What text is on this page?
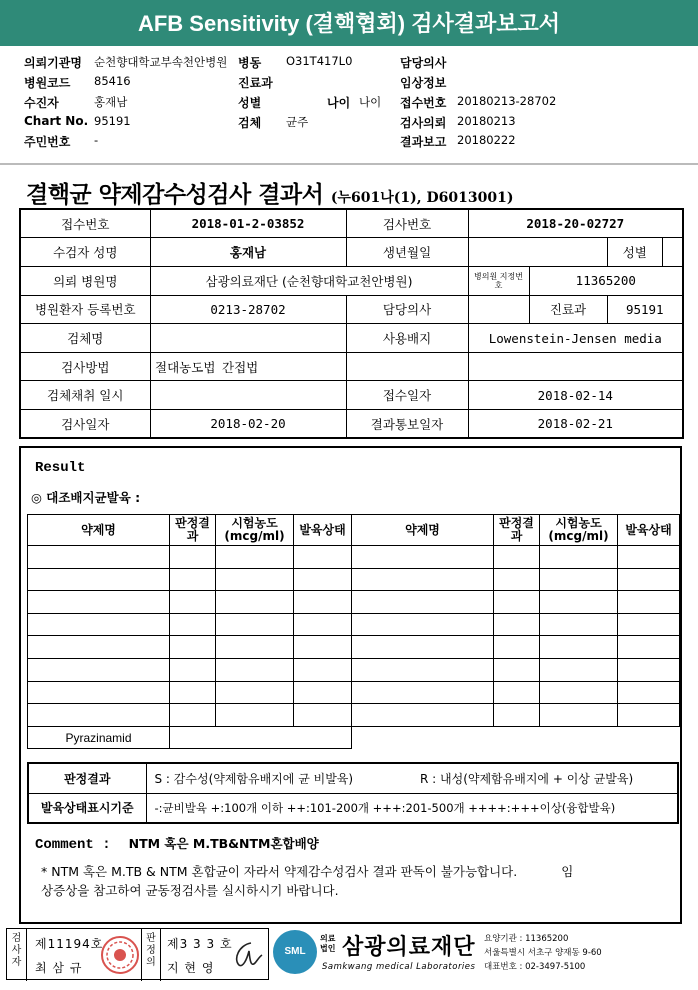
AFB Sensitivity (결핵협회) 검사결과보고서
의뢰기관명 순천향대학교부속천안병원 병동 O31T417L0	담당의사
병원코드 85416	진료과	임상정보
수진자	홍재남	성별	나이 나이 접수번호 20180213-28702
Chart No. 95191	검체 균주	검사의뢰 20180213
주민번호 -	결과보고 20180222
결핵균 약제감수성검사 결과서 (누601나(1), D6013001)
접수번호	2018-01-2-03852		검사번호	2018-20-02727		
수검자 성명	홍재남		생년월일			성별

의뢰 병원명	삼광의료재단 (순천향대학교천안병원)			병의원 지정번호	11365200	
병원환자 등록번호	0213-28702		담당의사		진료과	95191
검체명			사용배지	Lowenstein-Jensen media		
검사방법	절대농도법	간접법				
검체채취 일시			접수일자	2018-02-14		
검사일자	2018-02-20		결과통보일자	2018-02-21		
Result
◎ 대조배지균발육 :
약제명	판정결과	시험농도(mcg/ml)	발육상태	약제명	판정결과	시험농도(mcg/ml)	발육상태

Pyrazinamid							
판정결과	S : 감수성(약제함유배지에 균 비발육)	R : 내성(약제함유배지에 + 이상 균발육)
발육상태표시기준	-:균비발육 +:100개 이하 ++:101-200개 +++:201-500개 ++++:+++이상(융합발육)	
Comment : NTM 혹은 M.TB&NTM혼합배양
* NTM 혹은 M.TB & NTM 혼합균이 자라서 약제감수성검사 결과 판독이 불가능합니다.	임
상증상을 참고하여 균동정검사를 실시하시기 바랍니다.
검사자
제11194호
최 삼 규
판정의
제3 3 3 호
지 현 영
SML
의료법인 삼광의료재단
Samkwang medical Laboratories
요양기관 : 11365200
서울특별시 서초구 양재동 9-60
대표번호 : 02-3497-5100
